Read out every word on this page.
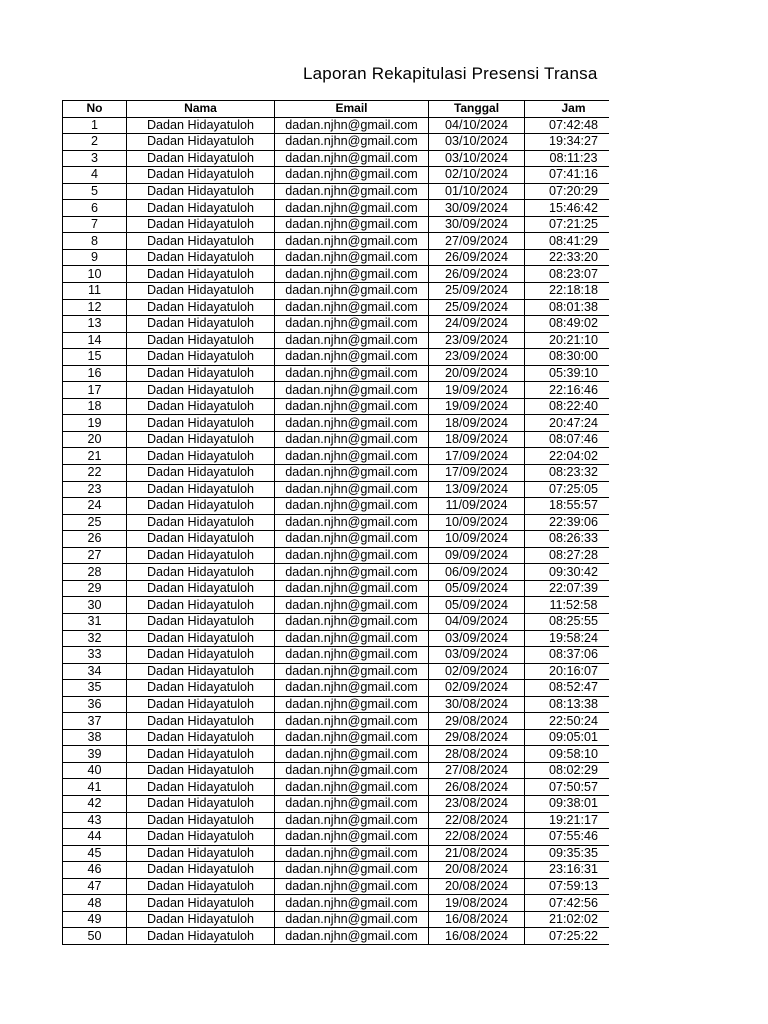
Laporan Rekapitulasi Presensi Transa
No	Nama	Email	Tanggal	Jam
1	Dadan Hidayatuloh	dadan.njhn@gmail.com	04/10/2024	07:42:48
2	Dadan Hidayatuloh	dadan.njhn@gmail.com	03/10/2024	19:34:27
3	Dadan Hidayatuloh	dadan.njhn@gmail.com	03/10/2024	08:11:23
4	Dadan Hidayatuloh	dadan.njhn@gmail.com	02/10/2024	07:41:16
5	Dadan Hidayatuloh	dadan.njhn@gmail.com	01/10/2024	07:20:29
6	Dadan Hidayatuloh	dadan.njhn@gmail.com	30/09/2024	15:46:42
7	Dadan Hidayatuloh	dadan.njhn@gmail.com	30/09/2024	07:21:25
8	Dadan Hidayatuloh	dadan.njhn@gmail.com	27/09/2024	08:41:29
9	Dadan Hidayatuloh	dadan.njhn@gmail.com	26/09/2024	22:33:20
10	Dadan Hidayatuloh	dadan.njhn@gmail.com	26/09/2024	08:23:07
11	Dadan Hidayatuloh	dadan.njhn@gmail.com	25/09/2024	22:18:18
12	Dadan Hidayatuloh	dadan.njhn@gmail.com	25/09/2024	08:01:38
13	Dadan Hidayatuloh	dadan.njhn@gmail.com	24/09/2024	08:49:02
14	Dadan Hidayatuloh	dadan.njhn@gmail.com	23/09/2024	20:21:10
15	Dadan Hidayatuloh	dadan.njhn@gmail.com	23/09/2024	08:30:00
16	Dadan Hidayatuloh	dadan.njhn@gmail.com	20/09/2024	05:39:10
17	Dadan Hidayatuloh	dadan.njhn@gmail.com	19/09/2024	22:16:46
18	Dadan Hidayatuloh	dadan.njhn@gmail.com	19/09/2024	08:22:40
19	Dadan Hidayatuloh	dadan.njhn@gmail.com	18/09/2024	20:47:24
20	Dadan Hidayatuloh	dadan.njhn@gmail.com	18/09/2024	08:07:46
21	Dadan Hidayatuloh	dadan.njhn@gmail.com	17/09/2024	22:04:02
22	Dadan Hidayatuloh	dadan.njhn@gmail.com	17/09/2024	08:23:32
23	Dadan Hidayatuloh	dadan.njhn@gmail.com	13/09/2024	07:25:05
24	Dadan Hidayatuloh	dadan.njhn@gmail.com	11/09/2024	18:55:57
25	Dadan Hidayatuloh	dadan.njhn@gmail.com	10/09/2024	22:39:06
26	Dadan Hidayatuloh	dadan.njhn@gmail.com	10/09/2024	08:26:33
27	Dadan Hidayatuloh	dadan.njhn@gmail.com	09/09/2024	08:27:28
28	Dadan Hidayatuloh	dadan.njhn@gmail.com	06/09/2024	09:30:42
29	Dadan Hidayatuloh	dadan.njhn@gmail.com	05/09/2024	22:07:39
30	Dadan Hidayatuloh	dadan.njhn@gmail.com	05/09/2024	11:52:58
31	Dadan Hidayatuloh	dadan.njhn@gmail.com	04/09/2024	08:25:55
32	Dadan Hidayatuloh	dadan.njhn@gmail.com	03/09/2024	19:58:24
33	Dadan Hidayatuloh	dadan.njhn@gmail.com	03/09/2024	08:37:06
34	Dadan Hidayatuloh	dadan.njhn@gmail.com	02/09/2024	20:16:07
35	Dadan Hidayatuloh	dadan.njhn@gmail.com	02/09/2024	08:52:47
36	Dadan Hidayatuloh	dadan.njhn@gmail.com	30/08/2024	08:13:38
37	Dadan Hidayatuloh	dadan.njhn@gmail.com	29/08/2024	22:50:24
38	Dadan Hidayatuloh	dadan.njhn@gmail.com	29/08/2024	09:05:01
39	Dadan Hidayatuloh	dadan.njhn@gmail.com	28/08/2024	09:58:10
40	Dadan Hidayatuloh	dadan.njhn@gmail.com	27/08/2024	08:02:29
41	Dadan Hidayatuloh	dadan.njhn@gmail.com	26/08/2024	07:50:57
42	Dadan Hidayatuloh	dadan.njhn@gmail.com	23/08/2024	09:38:01
43	Dadan Hidayatuloh	dadan.njhn@gmail.com	22/08/2024	19:21:17
44	Dadan Hidayatuloh	dadan.njhn@gmail.com	22/08/2024	07:55:46
45	Dadan Hidayatuloh	dadan.njhn@gmail.com	21/08/2024	09:35:35
46	Dadan Hidayatuloh	dadan.njhn@gmail.com	20/08/2024	23:16:31
47	Dadan Hidayatuloh	dadan.njhn@gmail.com	20/08/2024	07:59:13
48	Dadan Hidayatuloh	dadan.njhn@gmail.com	19/08/2024	07:42:56
49	Dadan Hidayatuloh	dadan.njhn@gmail.com	16/08/2024	21:02:02
50	Dadan Hidayatuloh	dadan.njhn@gmail.com	16/08/2024	07:25:22
